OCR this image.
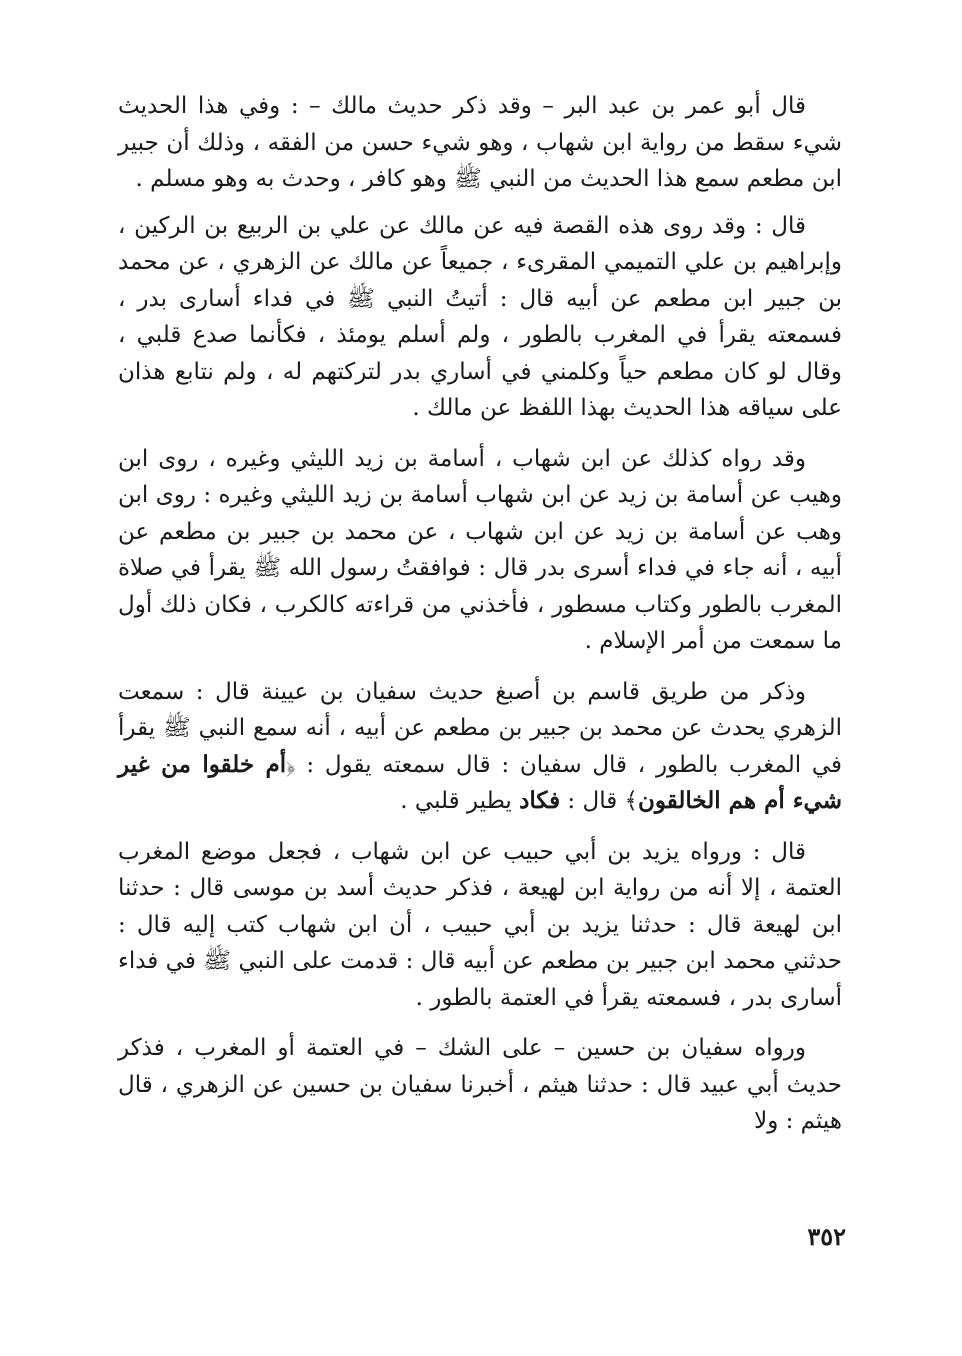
قال أبو عمر بن عبد البر – وقد ذكر حديث مالك – : وفي هذا الحديث شيء سقط من رواية ابن شهاب ، وهو شيء حسن من الفقه ، وذلك أن جبير ابن مطعم سمع هذا الحديث من النبي ﷺ وهو كافر ، وحدث به وهو مسلم .

قال : وقد روى هذه القصة فيه عن مالك عن علي بن الربيع بن الركين ، وإبراهيم بن علي التميمي المقرىء ، جميعاً عن مالك عن الزهري ، عن محمد بن جبير ابن مطعم عن أبيه قال : أتيتُ النبي ﷺ في فداء أسارى بدر ، فسمعته يقرأ في المغرب بالطور ، ولم أسلم يومئذ ، فكأنما صدع قلبي ، وقال لو كان مطعم حياً وكلمني في أساري بدر لتركتهم له ، ولم نتابع هذان على سياقه هذا الحديث بهذا اللفظ عن مالك .

وقد رواه كذلك عن ابن شهاب ، أسامة بن زيد الليثي وغيره ، روى ابن وهيب عن أسامة بن زيد عن ابن شهاب أسامة بن زيد الليثي وغيره : روى ابن وهب عن أسامة بن زيد عن ابن شهاب ، عن محمد بن جبير بن مطعم عن أبيه ، أنه جاء في فداء أسرى بدر قال : فوافقتُ رسول الله ﷺ يقرأ في صلاة المغرب بالطور وكتاب مسطور ، فأخذني من قراءته كالكرب ، فكان ذلك أول ما سمعت من أمر الإسلام .

وذكر من طريق قاسم بن أصبغ حديث سفيان بن عيينة قال : سمعت الزهري يحدث عن محمد بن جبير بن مطعم عن أبيه ، أنه سمع النبي ﷺ يقرأ في المغرب بالطور ، قال سفيان : قال سمعته يقول : ﴿أم خلقوا من غير شيء أم هم الخالقون﴾ قال : فكاد يطير قلبي .

قال : ورواه يزيد بن أبي حبيب عن ابن شهاب ، فجعل موضع المغرب العتمة ، إلا أنه من رواية ابن لهيعة ، فذكر حديث أسد بن موسى قال : حدثنا ابن لهيعة قال : حدثنا يزيد بن أبي حبيب ، أن ابن شهاب كتب إليه قال : حدثني محمد ابن جبير بن مطعم عن أبيه قال : قدمت على النبي ﷺ في فداء أسارى بدر ، فسمعته يقرأ في العتمة بالطور .

ورواه سفيان بن حسين – على الشك – في العتمة أو المغرب ، فذكر حديث أبي عبيد قال : حدثنا هيثم ، أخبرنا سفيان بن حسين عن الزهري ، قال هيثم : ولا

٣٥٢
